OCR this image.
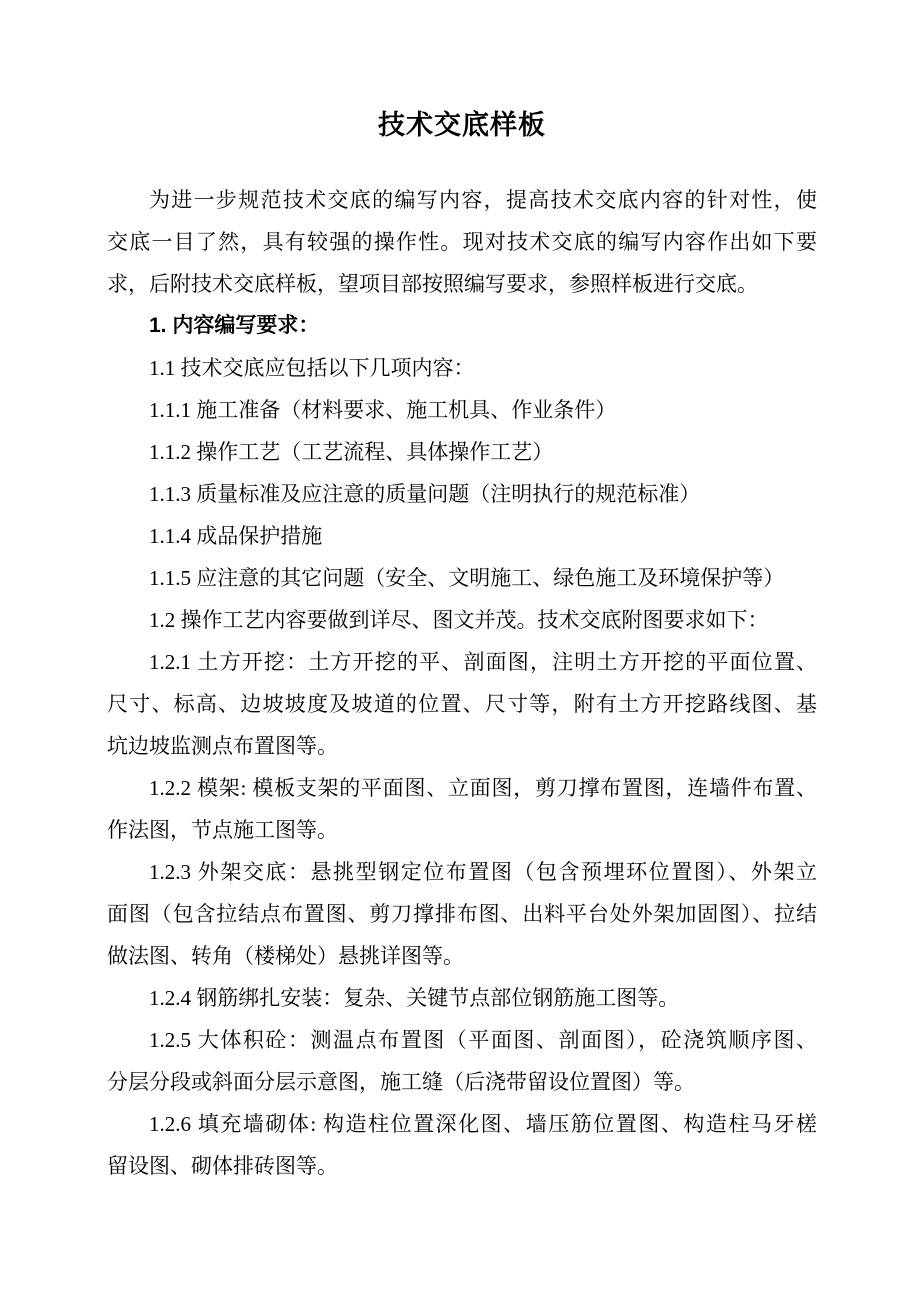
技术交底样板
为进一步规范技术交底的编写内容，提高技术交底内容的针对性，使
交底一目了然，具有较强的操作性。现对技术交底的编写内容作出如下要
求，后附技术交底样板，望项目部按照编写要求，参照样板进行交底。
1. 内容编写要求：
1.1 技术交底应包括以下几项内容：
1.1.1 施工准备（材料要求、施工机具、作业条件）
1.1.2 操作工艺（工艺流程、具体操作工艺）
1.1.3 质量标准及应注意的质量问题（注明执行的规范标准）
1.1.4 成品保护措施
1.1.5 应注意的其它问题（安全、文明施工、绿色施工及环境保护等）
1.2 操作工艺内容要做到详尽、图文并茂。技术交底附图要求如下：
1.2.1 土方开挖：土方开挖的平、剖面图，注明土方开挖的平面位置、
尺寸、标高、边坡坡度及坡道的位置、尺寸等，附有土方开挖路线图、基
坑边坡监测点布置图等。
1.2.2 模架: 模板支架的平面图、立面图，剪刀撑布置图，连墙件布置、
作法图，节点施工图等。
1.2.3 外架交底：悬挑型钢定位布置图（包含预埋环位置图）、外架立
面图（包含拉结点布置图、剪刀撑排布图、出料平台处外架加固图）、拉结
做法图、转角（楼梯处）悬挑详图等。
1.2.4 钢筋绑扎安装：复杂、关键节点部位钢筋施工图等。
1.2.5 大体积砼：测温点布置图（平面图、剖面图），砼浇筑顺序图、
分层分段或斜面分层示意图，施工缝（后浇带留设位置图）等。
1.2.6 填充墙砌体: 构造柱位置深化图、墙压筋位置图、构造柱马牙槎
留设图、砌体排砖图等。
